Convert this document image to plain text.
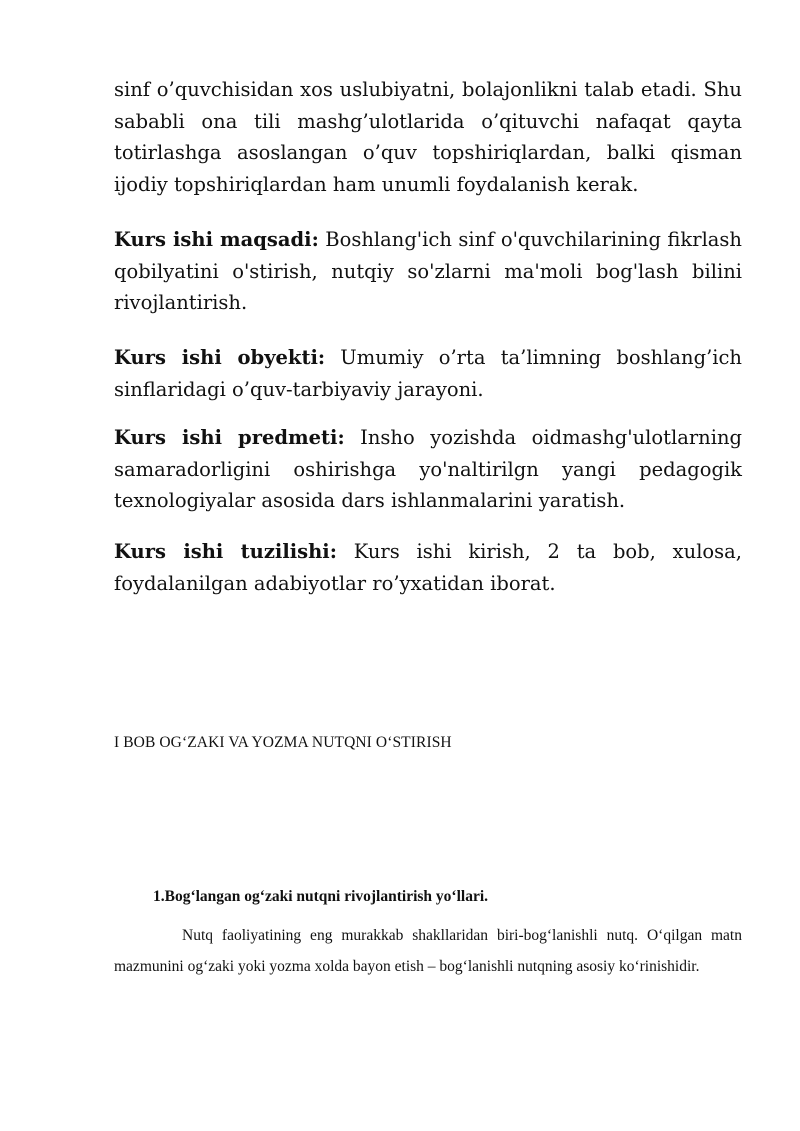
sinf o’quvchisidan xos uslubiyatni, bolajonlikni talab etadi. Shu sababli ona tili mashg’ulotlarida o’qituvchi nafaqat qayta totirlashga asoslangan o’quv topshiriqlardan, balki qisman ijodiy topshiriqlardan ham unumli foydalanish kerak.

Kurs ishi maqsadi: Boshlang'ich sinf o'quvchilarining fikrlash qobilyatini o'stirish, nutqiy so'zlarni ma'moli bog'lash bilini rivojlantirish.

Kurs ishi obyekti: Umumiy o’rta ta’limning boshlang’ich sinflaridagi o’quv-tarbiyaviy jarayoni.

Kurs ishi predmeti: Insho yozishda oidmashg'ulotlarning samaradorligini oshirishga yo'naltirilgn yangi pedagogik texnologiyalar asosida dars ishlanmalarini yaratish.

Kurs ishi tuzilishi: Kurs ishi kirish, 2 ta bob, xulosa, foydalanilgan adabiyotlar ro’yxatidan iborat.

I BOB OG‘ZAKI VA YOZMA NUTQNI O‘STIRISH
1.Bog‘langan og‘zaki nutqni rivojlantirish yo‘llari.

Nutq faoliyatining eng murakkab shakllaridan biri-bog‘lanishli nutq. O‘qilgan matn mazmunini og‘zaki yoki yozma xolda bayon etish – bog‘lanishli nutqning asosiy ko‘rinishidir.
